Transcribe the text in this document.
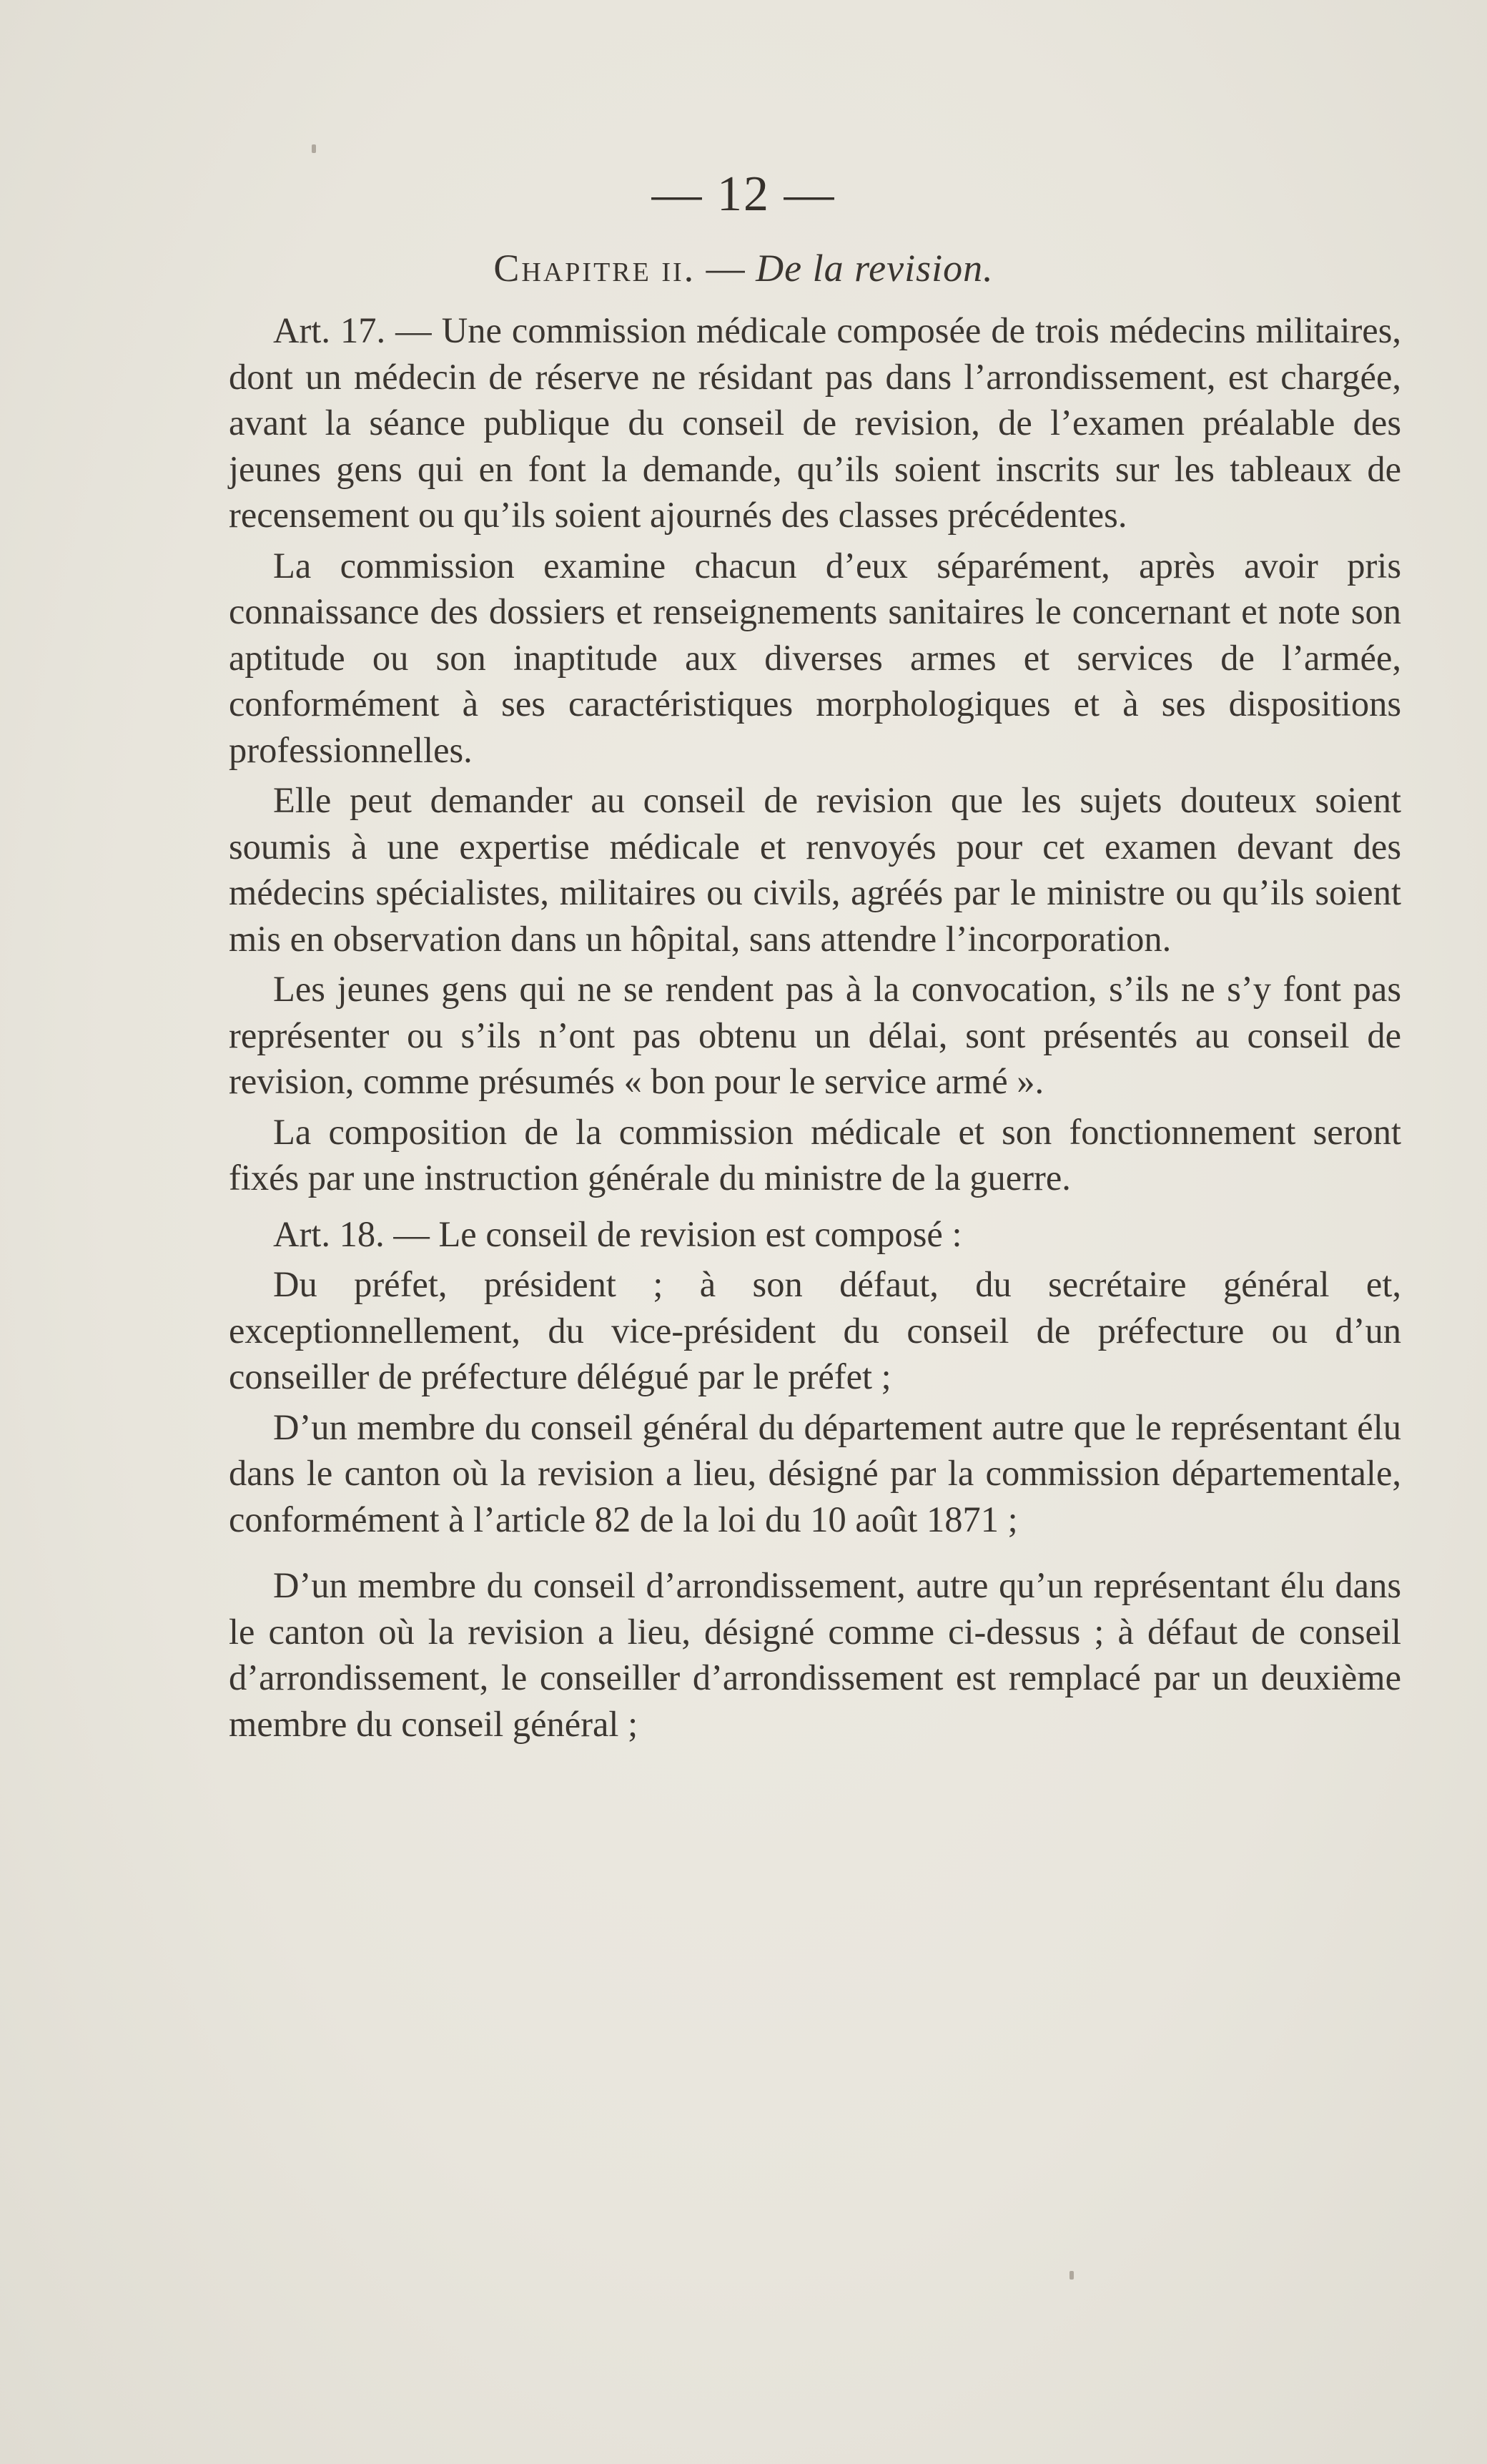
— 12 —
Chapitre ii. — De la revision.

Art. 17. — Une commission médicale composée de trois médecins militaires, dont un médecin de réserve ne résidant pas dans l’arrondissement, est chargée, avant la séance publique du conseil de revision, de l’examen préalable des jeunes gens qui en font la demande, qu’ils soient inscrits sur les tableaux de recensement ou qu’ils soient ajournés des classes précédentes.

La commission examine chacun d’eux séparément, après avoir pris connaissance des dossiers et renseignements sanitaires le concernant et note son aptitude ou son inaptitude aux diverses armes et services de l’armée, conformément à ses caractéristiques morphologiques et à ses dispositions professionnelles.

Elle peut demander au conseil de revision que les sujets douteux soient soumis à une expertise médicale et renvoyés pour cet examen devant des médecins spécialistes, militaires ou civils, agréés par le ministre ou qu’ils soient mis en observation dans un hôpital, sans attendre l’incorporation.

Les jeunes gens qui ne se rendent pas à la convocation, s’ils ne s’y font pas représenter ou s’ils n’ont pas obtenu un délai, sont présentés au conseil de revision, comme présumés « bon pour le service armé ».

La composition de la commission médicale et son fonctionnement seront fixés par une instruction générale du ministre de la guerre.

Art. 18. — Le conseil de revision est composé :

Du préfet, président ; à son défaut, du secrétaire général et, exceptionnellement, du vice-président du conseil de préfecture ou d’un conseiller de préfecture délégué par le préfet ;

D’un membre du conseil général du département autre que le représentant élu dans le canton où la revision a lieu, désigné par la commission départementale, conformément à l’article 82 de la loi du 10 août 1871 ;

D’un membre du conseil d’arrondissement, autre qu’un représentant élu dans le canton où la revision a lieu, désigné comme ci-dessus ; à défaut de conseil d’arrondissement, le conseiller d’arrondissement est remplacé par un deuxième membre du conseil général ;
